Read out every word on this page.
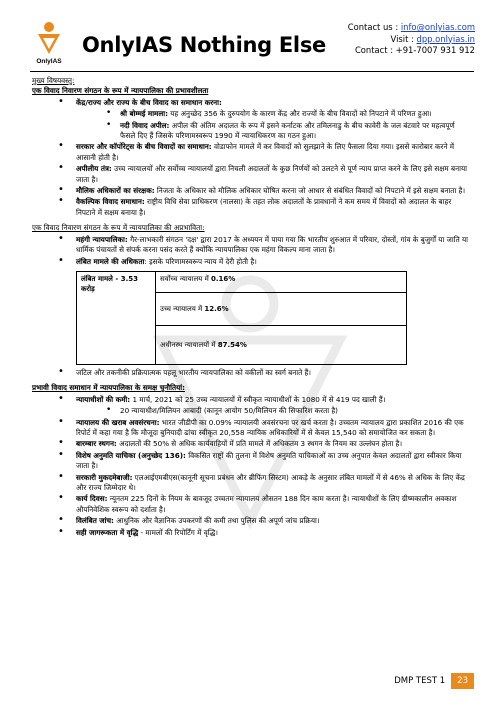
OnlyIAS
OnlyIAS Nothing Else
Contact us : info@onlyias.com
Visit : dpp.onlyias.in
Contact : +91-7007 931 912
मुख्य विषयवस्तु:
एक विवाद निवारण संगठन के रूप में न्यायपालिका की प्रभावशीलता
• केंद्र/राज्य और राज्य के बीच विवाद का समाधान करना:
• श्री बोम्मई मामला: यह अनुच्छेद 356 के दुरुपयोग के कारण केंद्र और राज्यों के बीच विवादों को निपटाने में परिणत हुआ।
• नदी विवाद अपील: अपील की अंतिम अदालत के रूप में इसने कर्नाटक और तमिलनाडु के बीच कावेरी के जल बंटवारे पर महत्वपूर्ण फैसले दिए हैं जिसके परिणामस्वरूप 1990 में न्यायाधिकरण का गठन हुआ।
• सरकार और कॉर्पोरेट्स के बीच विवादों का समाधान: वोडाफोन मामले में कर विवादों को सुलझाने के लिए फैसला दिया गया। इससे कारोबार करने में आसानी होती है।
• अपीलीय तंत्र: उच्च न्यायालयों और सर्वोच्च न्यायालयों द्वारा निचली अदालतों के कुछ निर्णयों को उलटने से पूर्ण न्याय प्राप्त करने के लिए इसे सक्षम बनाया जाता है।
• मौलिक अधिकारों का संरक्षक: निजता के अधिकार को मौलिक अधिकार घोषित करना जो आधार से संबंधित विवादों को निपटाने में इसे सक्षम बनाता है।
• वैकल्पिक विवाद समाधान: राष्ट्रीय विधि सेवा प्राधिकरण (नालसा) के तहत लोक अदालतों के प्रावधानों ने कम समय में विवादों को अदालत के बाहर निपटाने में सक्षम बनाया है।
एक विवाद निवारण संगठन के रूप में न्यायपालिका की अप्रभाविता:
• महंगी न्यायपालिका: गैर-लाभकारी संगठन 'दक्ष' द्वारा 2017 के अध्ययन में पाया गया कि भारतीय शुरुआत में परिवार, दोस्तों, गांव के बुजुर्गों या जाति या धार्मिक पंचायतों से संपर्क करना पसंद करते हैं क्योंकि न्यायपालिका एक महंगा विकल्प माना जाता है।
• लंबित मामले की अधिकता: इसके परिणामस्वरूप न्याय में देरी होती है।
लंबित मामले - 3.53 करोड़	सर्वोच्च न्यायालय में 0.16%
उच्च न्यायालय में 12.6%
अधीनस्थ न्यायालयों में 87.54%
• जटिल और तकनीकी प्रक्रियात्मक पहलू भारतीय न्यायपालिका को वकीलों का स्वर्ग बनाते हैं।
प्रभावी विवाद समाधान में न्यायपालिका के समक्ष चुनौतियां:
• न्यायाधीशों की कमी: 1 मार्च, 2021 को 25 उच्च न्यायालयों में स्वीकृत न्यायाधीशों के 1080 में से 419 पद खाली हैं।
• 20 न्यायाधीश/मिलियन आबादी (कानून आयोग 50/मिलियन की सिफारिश करता है)
• न्यायालय की खराब अवसंरचना: भारत जीडीपी का 0.09% न्यायालयी अवसंरचना पर खर्च करता है। उच्चतम न्यायालय द्वारा प्रकाशित 2016 की एक रिपोर्ट में कहा गया है कि मौजूदा बुनियादी ढांचा स्वीकृत 20,558 न्यायिक अधिकारियों में से केवल 15,540 को समायोजित कर सकता है।
• बारम्बार स्थगन: अदालतों की 50% से अधिक कार्यवाहियों में प्रति मामले में अधिकतम 3 स्थगन के नियम का उल्लंघन होता है।
• विशेष अनुमति याचिका (अनुच्छेद 136): विकसित राष्ट्रों की तुलना में विशेष अनुमति याचिकाओं का उच्च अनुपात केवल अदालतों द्वारा स्वीकार किया जाता है।
• सरकारी मुकदमेबाजी: एलआईएमबीएस(कानूनी सूचना प्रबंधन और ब्रीफिंग सिस्टम) आकड़े के अनुसार लंबित मामलों में से 46% से अधिक के लिए केंद्र और राज्य जिम्मेदार थे।
• कार्य दिवस: न्यूनतम 225 दिनों के नियम के बावजूद उच्चतम न्यायालय औसतन 188 दिन काम करता है। न्यायाधीशों के लिए ग्रीष्मकालीन अवकाश औपनिवेशिक स्वरूप को दर्शाता है।
• विलंबित जांच: आधुनिक और वैज्ञानिक उपकरणों की कमी तथा पुलिस की अपूर्ण जांच प्रक्रिया।
• सही जागरूकता में वृद्धि - मामलों की रिपोर्टिंग में वृद्धि।
DMP TEST 1	23
